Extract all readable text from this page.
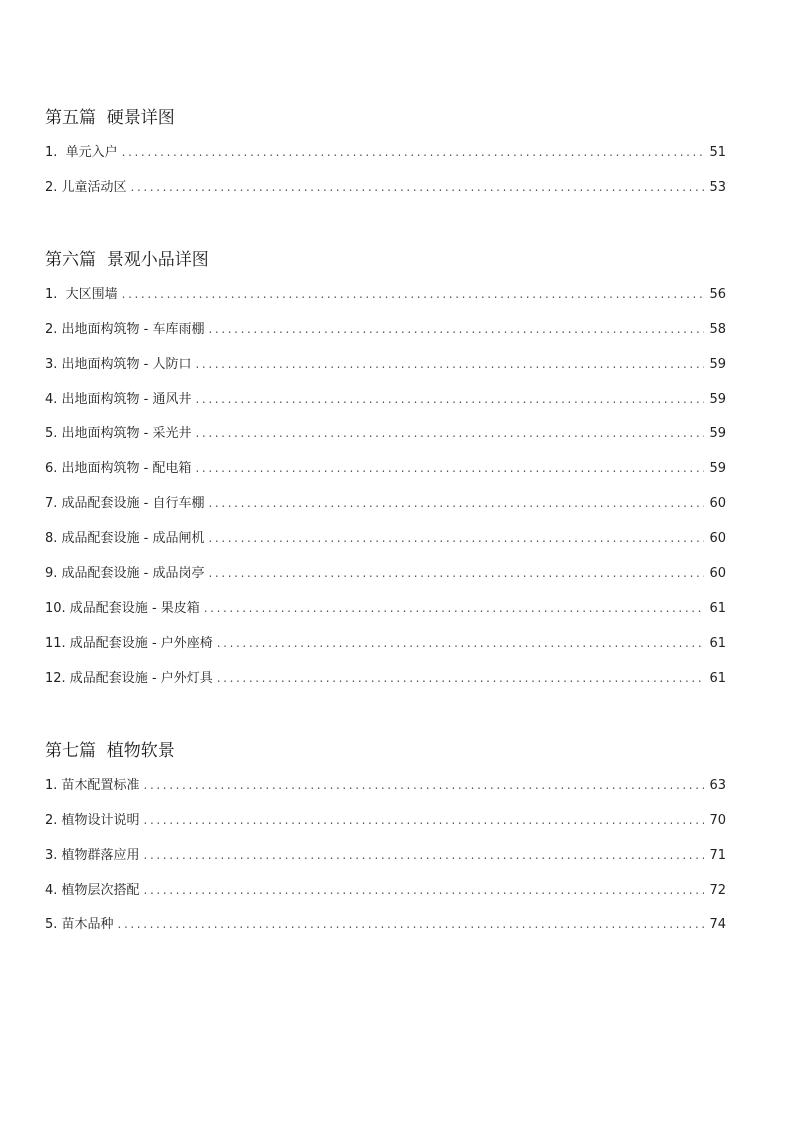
第五篇  硬景详图
1.  单元入户 .....	51
2. 儿童活动区 .....	53
第六篇  景观小品详图
1.  大区围墙 .....	56
2. 出地面构筑物 - 车库雨棚 .....	58
3. 出地面构筑物 - 人防口 .....	59
4. 出地面构筑物 - 通风井 .....	59
5. 出地面构筑物 - 采光井 .....	59
6. 出地面构筑物 - 配电箱 .....	59
7. 成品配套设施 - 自行车棚 .....	60
8. 成品配套设施 - 成品闸机 .....	60
9. 成品配套设施 - 成品岗亭 .....	60
10. 成品配套设施 - 果皮箱 .....	61
11. 成品配套设施 - 户外座椅 .....	61
12. 成品配套设施 - 户外灯具 .....	61
第七篇  植物软景
1. 苗木配置标准 .....	63
2. 植物设计说明 .....	70
3. 植物群落应用 .....	71
4. 植物层次搭配 .....	72
5. 苗木品种 .....	74
